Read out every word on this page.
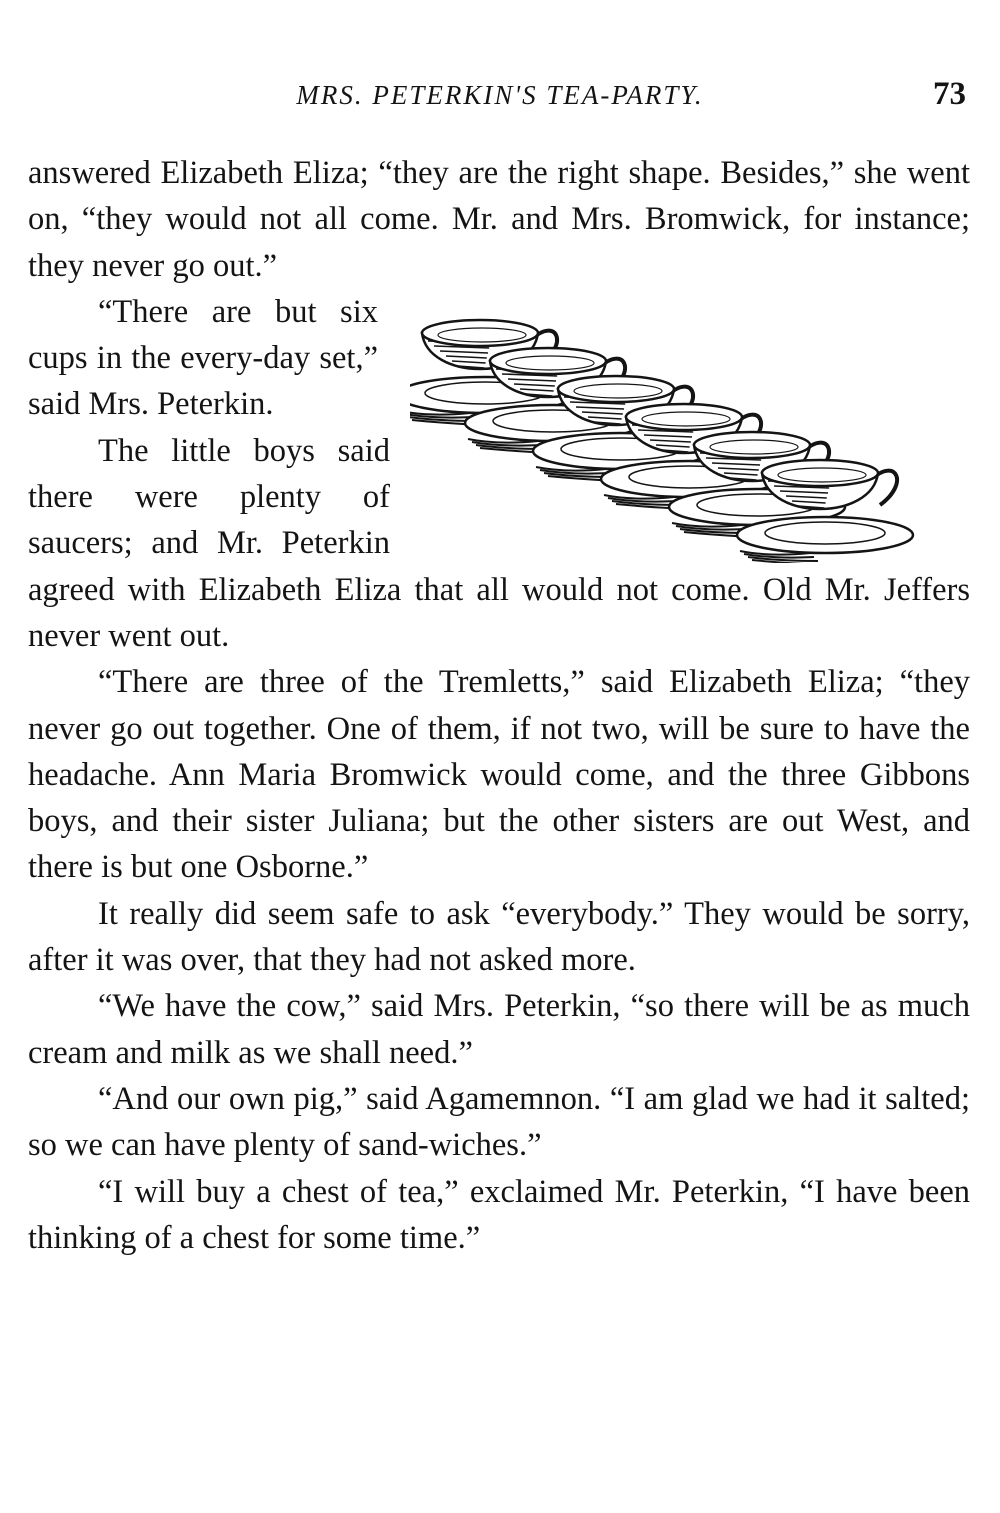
MRS. PETERKIN'S TEA-PARTY.	73

answered Elizabeth Eliza; “they are the right shape. Besides,” she went on, “they would not all come. Mr. and Mrs. Bromwick, for instance; they never go out.”

“There are but six cups in the every-day set,” said Mrs. Peterkin.

The little boys said there were plenty of saucers; and Mr. Peterkin agreed with Elizabeth Eliza that all would not come. Old Mr. Jeffers never went out.

“There are three of the Tremletts,” said Elizabeth Eliza; “they never go out together. One of them, if not two, will be sure to have the headache. Ann Maria Bromwick would come, and the three Gibbons boys, and their sister Juliana; but the other sisters are out West, and there is but one Osborne.”

It really did seem safe to ask “everybody.” They would be sorry, after it was over, that they had not asked more.

“We have the cow,” said Mrs. Peterkin, “so there will be as much cream and milk as we shall need.”

“And our own pig,” said Agamemnon. “I am glad we had it salted; so we can have plenty of sand-wiches.”

“I will buy a chest of tea,” exclaimed Mr. Peterkin, “I have been thinking of a chest for some time.”
